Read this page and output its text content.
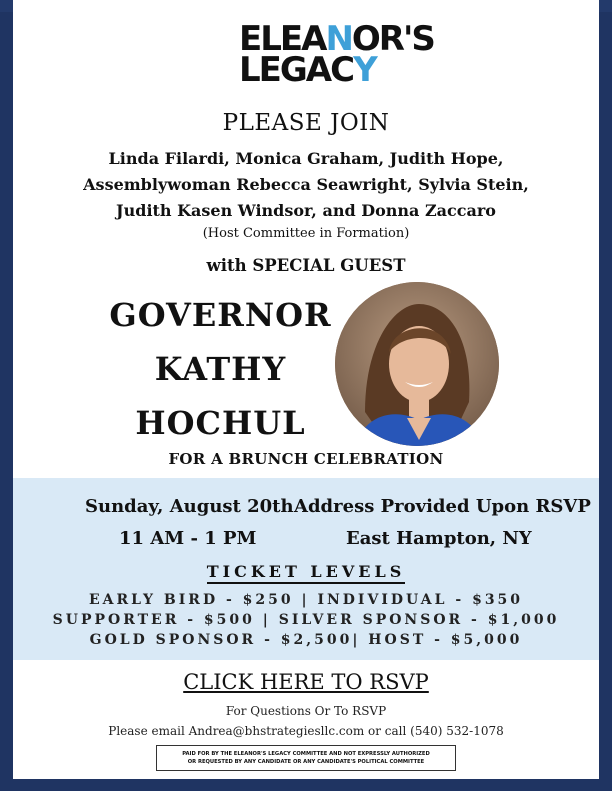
ELEANOR'S
LEGACY
PLEASE JOIN
Linda Filardi, Monica Graham, Judith Hope,
Assemblywoman Rebecca Seawright, Sylvia Stein,
Judith Kasen Windsor, and Donna Zaccaro
(Host Committee in Formation)
with SPECIAL GUEST
GOVERNOR
KATHY
HOCHUL
FOR A BRUNCH CELEBRATION
Sunday, August 20th
11 AM - 1 PM
Address Provided Upon RSVP
East Hampton, NY
TICKET LEVELS
EARLY BIRD - $250 | INDIVIDUAL - $350
SUPPORTER - $500 | SILVER SPONSOR - $1,000
GOLD SPONSOR - $2,500| HOST - $5,000
CLICK HERE TO RSVP
For Questions Or To RSVP
Please email Andrea@bhstrategiesllc.com or call (540) 532-1078
PAID FOR BY THE ELEANOR'S LEGACY COMMITTEE AND NOT EXPRESSLY AUTHORIZED
OR REQUESTED BY ANY CANDIDATE OR ANY CANDIDATE'S POLITICAL COMMITTEE
